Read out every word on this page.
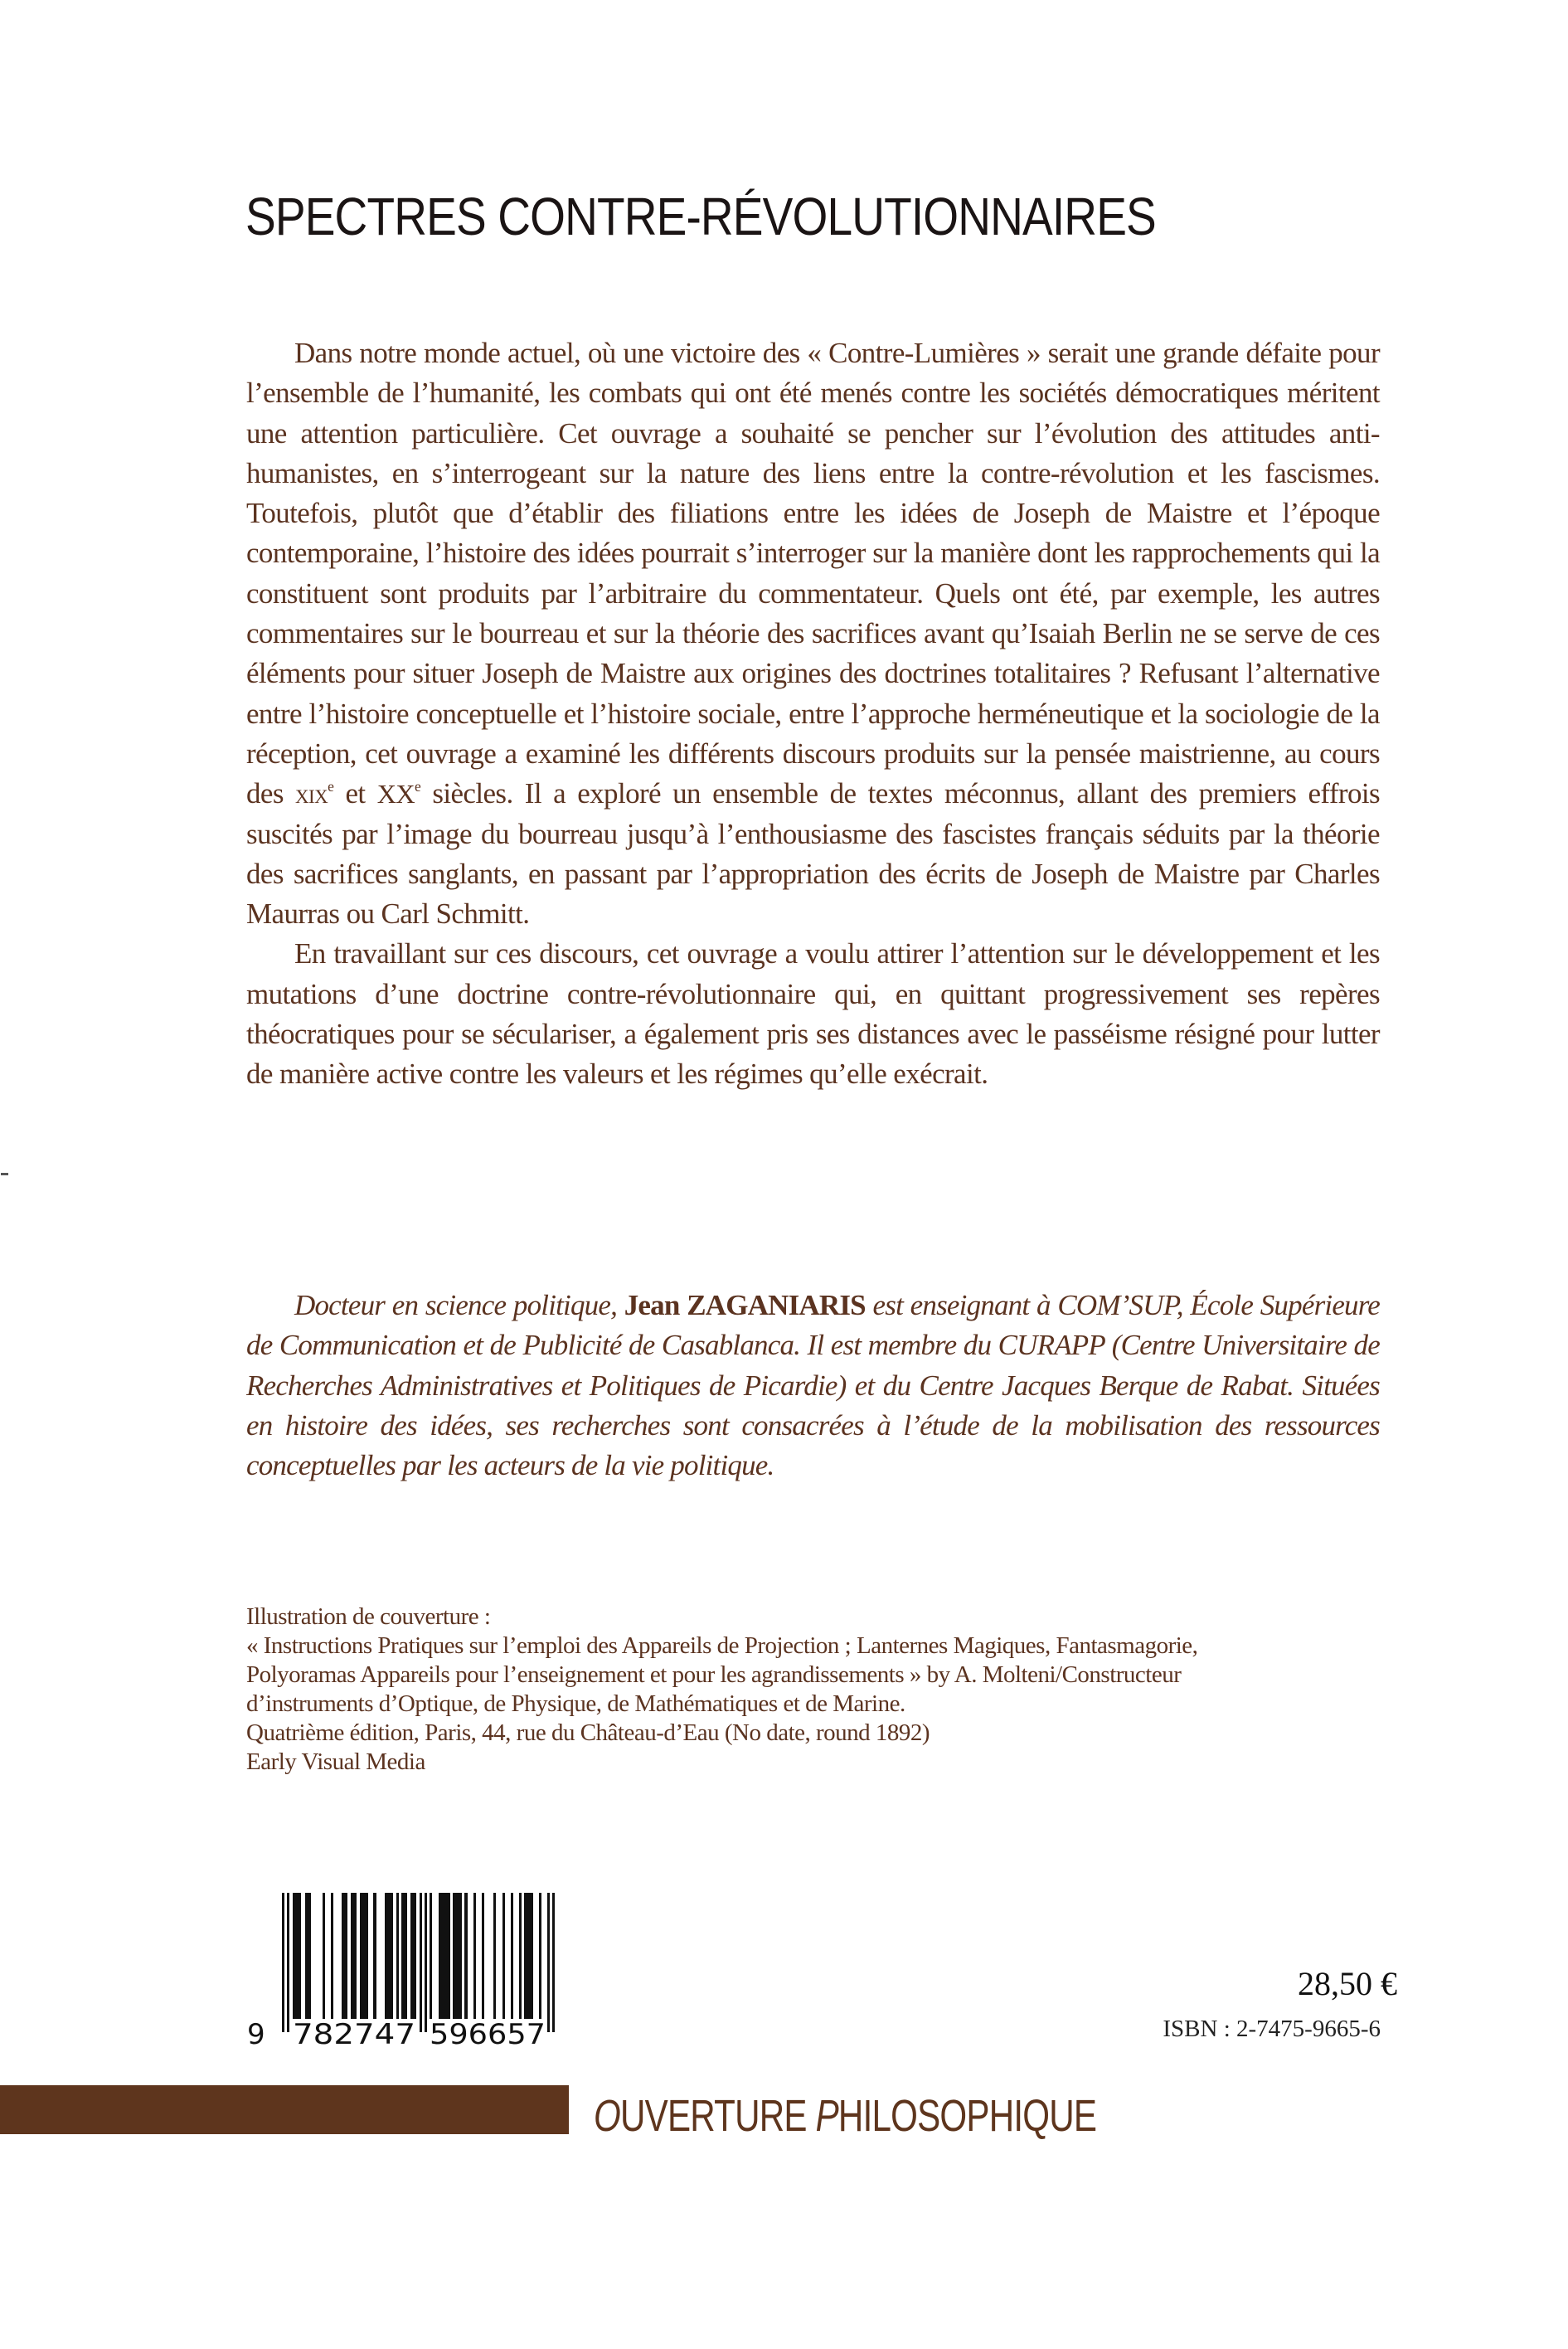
SPECTRES CONTRE-RÉVOLUTIONNAIRES

Dans notre monde actuel, où une victoire des « Contre-Lumières » serait une grande défaite pour l’ensemble de l’humanité, les combats qui ont été menés contre les sociétés démocratiques méritent une attention particulière. Cet ouvrage a souhaité se pencher sur l’évolution des attitudes anti-humanistes, en s’interrogeant sur la nature des liens entre la contre-révolution et les fascismes. Toutefois, plutôt que d’établir des filiations entre les idées de Joseph de Maistre et l’époque contemporaine, l’histoire des idées pourrait s’interroger sur la manière dont les rapprochements qui la constituent sont produits par l’arbitraire du commentateur. Quels ont été, par exemple, les autres commentaires sur le bourreau et sur la théorie des sacrifices avant qu’Isaiah Berlin ne se serve de ces éléments pour situer Joseph de Maistre aux origines des doctrines totalitaires ? Refusant l’alternative entre l’histoire conceptuelle et l’histoire sociale, entre l’approche herméneutique et la sociologie de la réception, cet ouvrage a examiné les différents discours produits sur la pensée maistrienne, au cours des xix$^e$ et XXe siècles. Il a exploré un ensemble de textes méconnus, allant des premiers effrois suscités par l’image du bourreau jusqu’à l’enthousiasme des fascistes français séduits par la théorie des sacrifices sanglants, en passant par l’appropriation des écrits de Joseph de Maistre par Charles Maurras ou Carl Schmitt.

En travaillant sur ces discours, cet ouvrage a voulu attirer l’attention sur le développement et les mutations d’une doctrine contre-révolutionnaire qui, en quittant progressivement ses repères théocratiques pour se séculariser, a également pris ses distances avec le passéisme résigné pour lutter de manière active contre les valeurs et les régimes qu’elle exécrait.

Docteur en science politique, Jean ZAGANIARIS est enseignant à COM’SUP, École Supérieure de Communication et de Publicité de Casablanca. Il est membre du CURAPP (Centre Universitaire de Recherches Administratives et Politiques de Picardie) et du Centre Jacques Berque de Rabat. Situées en histoire des idées, ses recherches sont consacrées à l’étude de la mobilisation des ressources conceptuelles par les acteurs de la vie politique.

Illustration de couverture :
« Instructions Pratiques sur l’emploi des Appareils de Projection ; Lanternes Magiques, Fantasmagorie,
Polyoramas Appareils pour l’enseignement et pour les agrandissements » by A. Molteni/Constructeur
d’instruments d’Optique, de Physique, de Mathématiques et de Marine.
Quatrième édition, Paris, 44, rue du Château-d’Eau (No date, round 1892)
Early Visual Media
9 782747 596657
28,50 €
ISBN : 2-7475-9665-6
OUVERTURE PHILOSOPHIQUE
